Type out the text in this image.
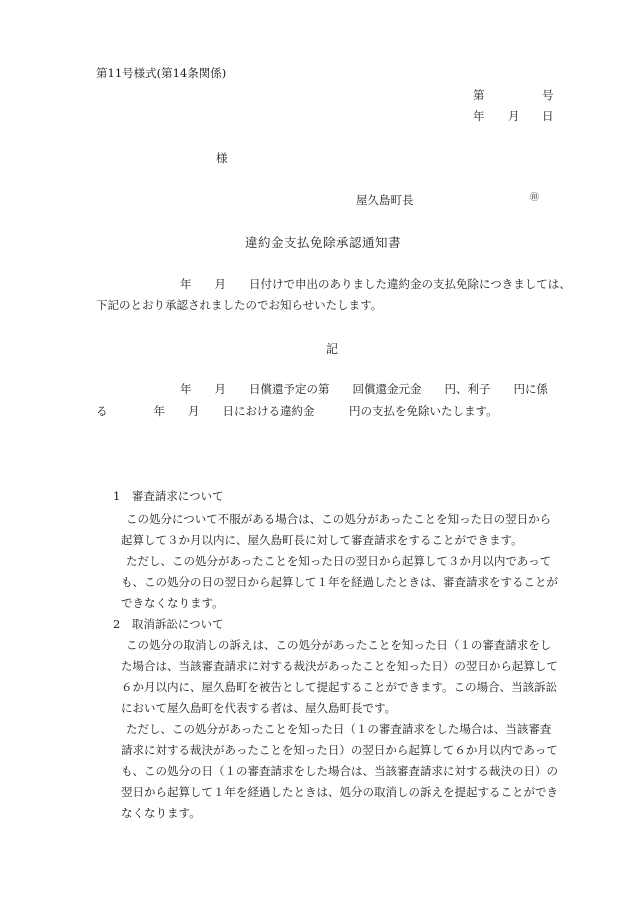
第11号様式(第14条関係)
第	号
年 月 日
様
屋久島町長	㊞
違約金支払免除承認通知書
年　　月　　日付けで申出のありました違約金の支払免除につきましては、
下記のとおり承認されましたのでお知らせいたします。
記
年　　月　　日償還予定の第　　回償還金元金　　円、利子　　円に係
る　　　　年　　月　　日における違約金　　　円の支払を免除いたします。
1　審査請求について
この処分について不服がある場合は、この処分があったことを知った日の翌日から
起算して３か月以内に、屋久島町長に対して審査請求をすることができます。
ただし、この処分があったことを知った日の翌日から起算して３か月以内であって
も、この処分の日の翌日から起算して１年を経過したときは、審査請求をすることが
できなくなります。
2　取消訴訟について
この処分の取消しの訴えは、この処分があったことを知った日（１の審査請求をし
た場合は、当該審査請求に対する裁決があったことを知った日）の翌日から起算して
６か月以内に、屋久島町を被告として提起することができます。この場合、当該訴訟
において屋久島町を代表する者は、屋久島町長です。
ただし、この処分があったことを知った日（１の審査請求をした場合は、当該審査
請求に対する裁決があったことを知った日）の翌日から起算して６か月以内であって
も、この処分の日（１の審査請求をした場合は、当該審査請求に対する裁決の日）の
翌日から起算して１年を経過したときは、処分の取消しの訴えを提起することができ
なくなります。
